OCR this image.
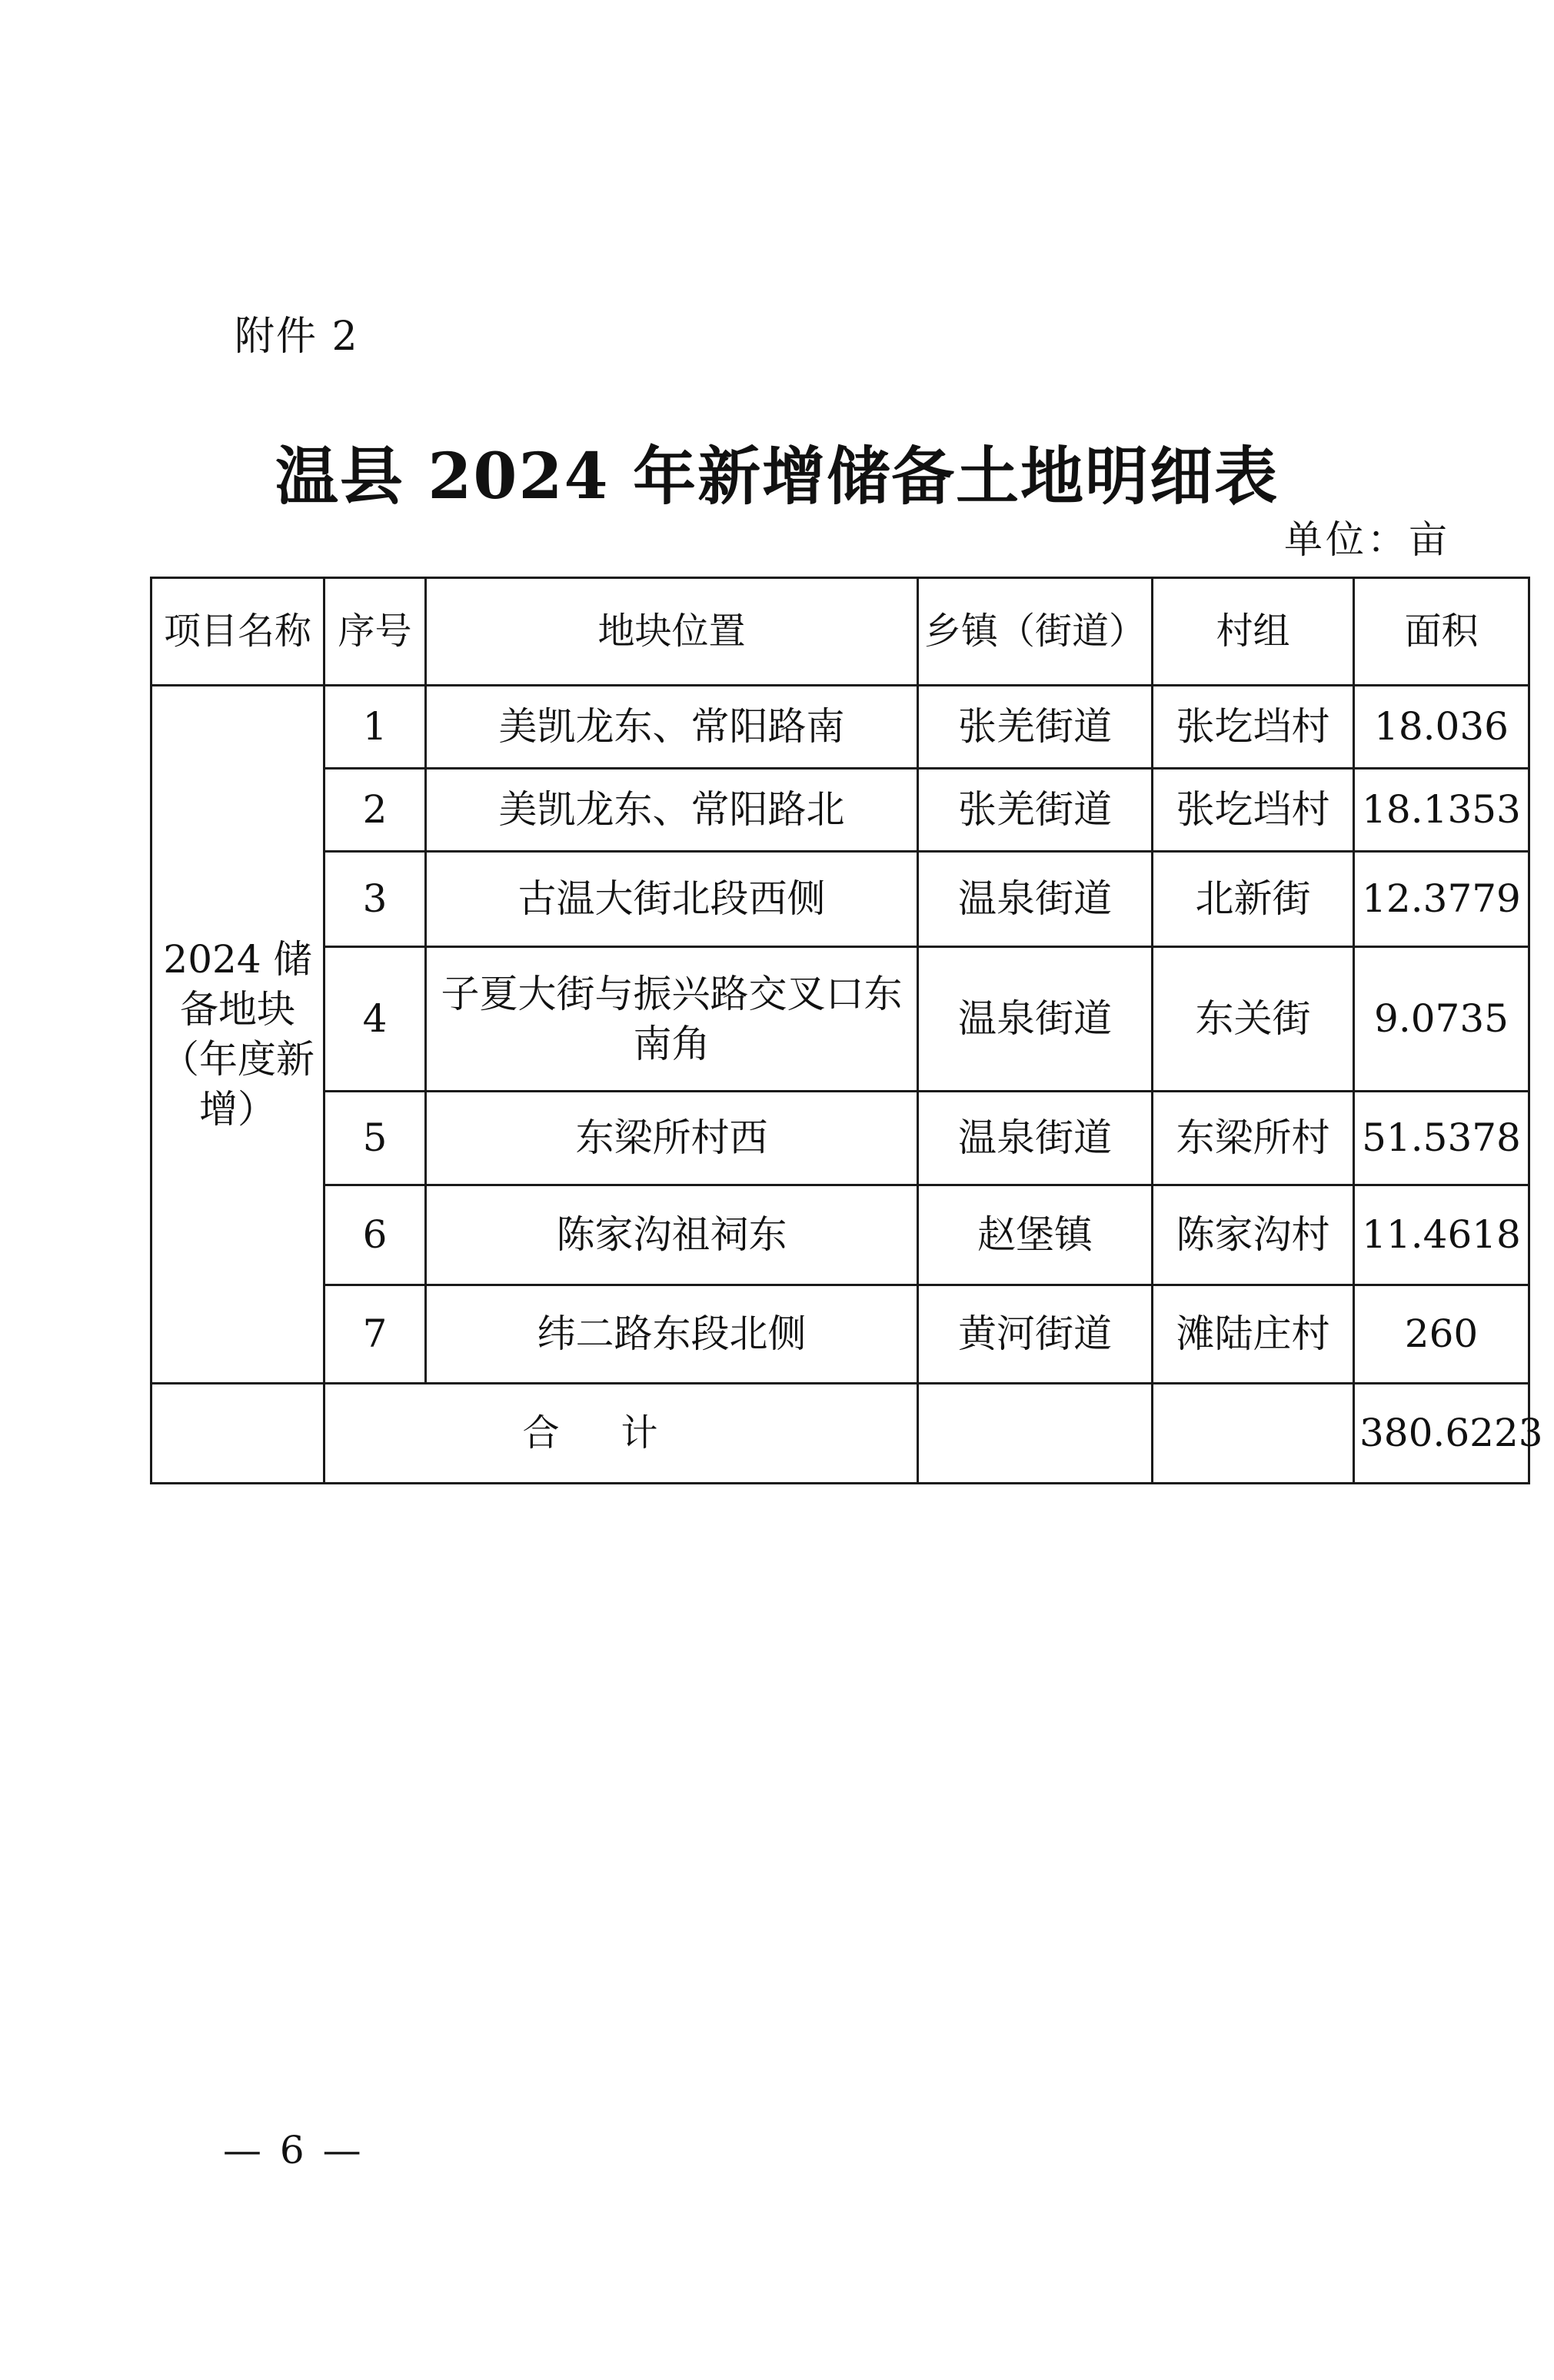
附件 2
温县 2024 年新增储备土地明细表
单位：亩
项目名称	序号	地块位置	乡镇（街道）	村组	面积
2024 储备地块（年度新增）	1	美凯龙东、常阳路南	张羌街道	张圪垱村	18.036
	2	美凯龙东、常阳路北	张羌街道	张圪垱村	18.1353
	3	古温大街北段西侧	温泉街道	北新街	12.3779
	4	子夏大街与振兴路交叉口东南角	温泉街道	东关街	9.0735
	5	东梁所村西	温泉街道	东梁所村	51.5378
	6	陈家沟祖祠东	赵堡镇	陈家沟村	11.4618
	7	纬二路东段北侧	黄河街道	滩陆庄村	260
	合计				380.6223
— 6 —
